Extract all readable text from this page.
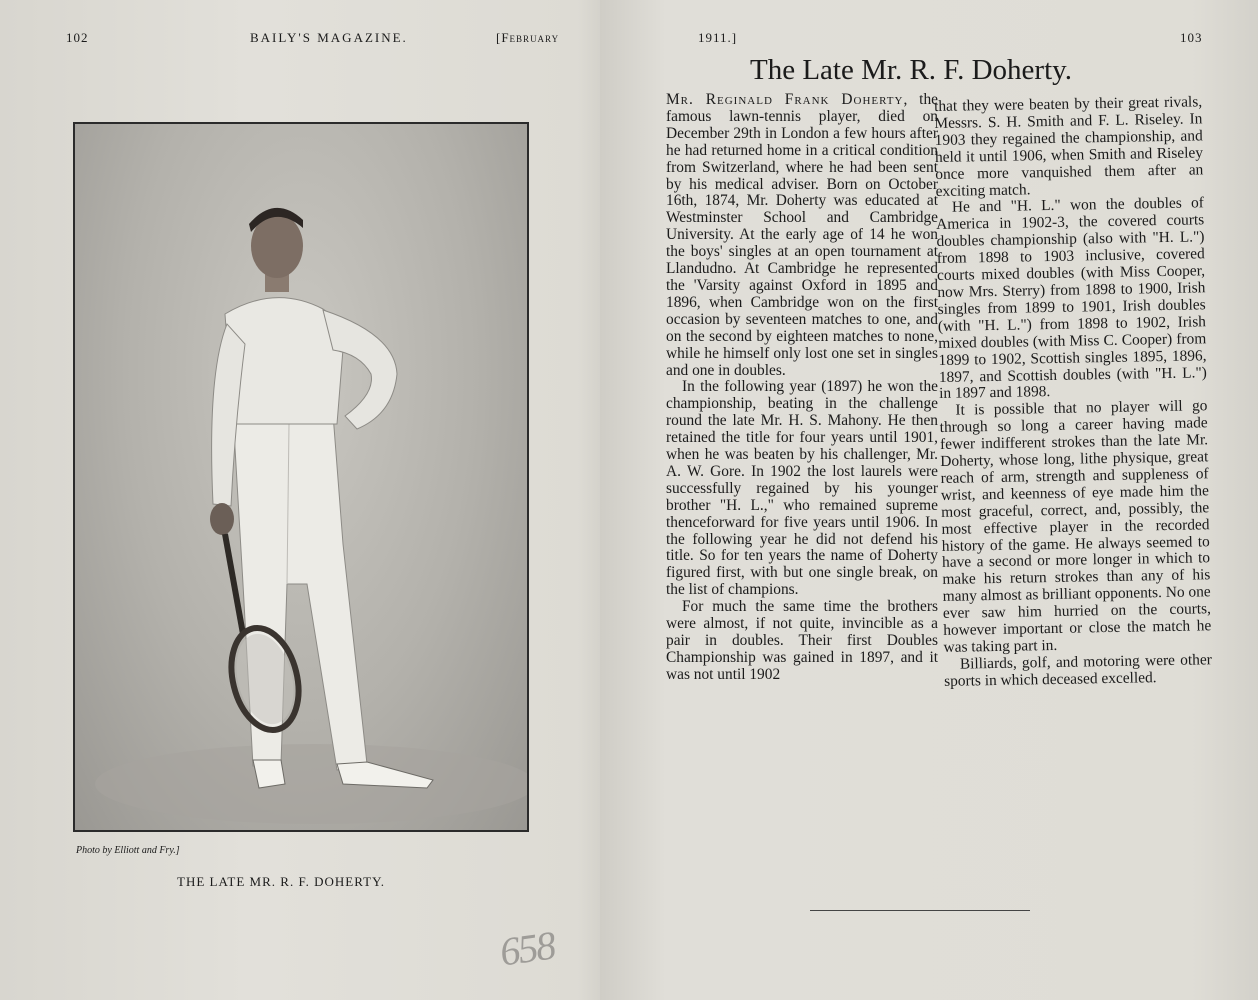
102	BAILY'S MAGAZINE.	[February
Photo by Elliott and Fry.]
THE LATE MR. R. F. DOHERTY.
658
1911.]	103
The Late Mr. R. F. Doherty.

Mr. Reginald Frank Doherty, the famous lawn-tennis player, died on December 29th in London a few hours after he had returned home in a critical condition from Switzerland, where he had been sent by his medical adviser. Born on October 16th, 1874, Mr. Doherty was educated at Westminster School and Cambridge University. At the early age of 14 he won the boys' singles at an open tournament at Llandudno. At Cambridge he represented the 'Varsity against Oxford in 1895 and 1896, when Cambridge won on the first occasion by seventeen matches to one, and on the second by eighteen matches to none, while he himself only lost one set in singles and one in doubles.

In the following year (1897) he won the championship, beating in the challenge round the late Mr. H. S. Mahony. He then retained the title for four years until 1901, when he was beaten by his challenger, Mr. A. W. Gore. In 1902 the lost laurels were successfully regained by his younger brother "H. L.," who remained supreme thenceforward for five years until 1906. In the following year he did not defend his title. So for ten years the name of Doherty figured first, with but one single break, on the list of champions.

For much the same time the brothers were almost, if not quite, invincible as a pair in doubles. Their first Doubles Championship was gained in 1897, and it was not until 1902

that they were beaten by their great rivals, Messrs. S. H. Smith and F. L. Riseley. In 1903 they regained the championship, and held it until 1906, when Smith and Riseley once more vanquished them after an exciting match.

He and "H. L." won the doubles of America in 1902-3, the covered courts doubles championship (also with "H. L.") from 1898 to 1903 inclusive, covered courts mixed doubles (with Miss Cooper, now Mrs. Sterry) from 1898 to 1900, Irish singles from 1899 to 1901, Irish doubles (with "H. L.") from 1898 to 1902, Irish mixed doubles (with Miss C. Cooper) from 1899 to 1902, Scottish singles 1895, 1896, 1897, and Scottish doubles (with "H. L.") in 1897 and 1898.

It is possible that no player will go through so long a career having made fewer indifferent strokes than the late Mr. Doherty, whose long, lithe physique, great reach of arm, strength and suppleness of wrist, and keenness of eye made him the most graceful, correct, and, possibly, the most effective player in the recorded history of the game. He always seemed to have a second or more longer in which to make his return strokes than any of his many almost as brilliant opponents. No one ever saw him hurried on the courts, however important or close the match he was taking part in.

Billiards, golf, and motoring were other sports in which deceased excelled.
